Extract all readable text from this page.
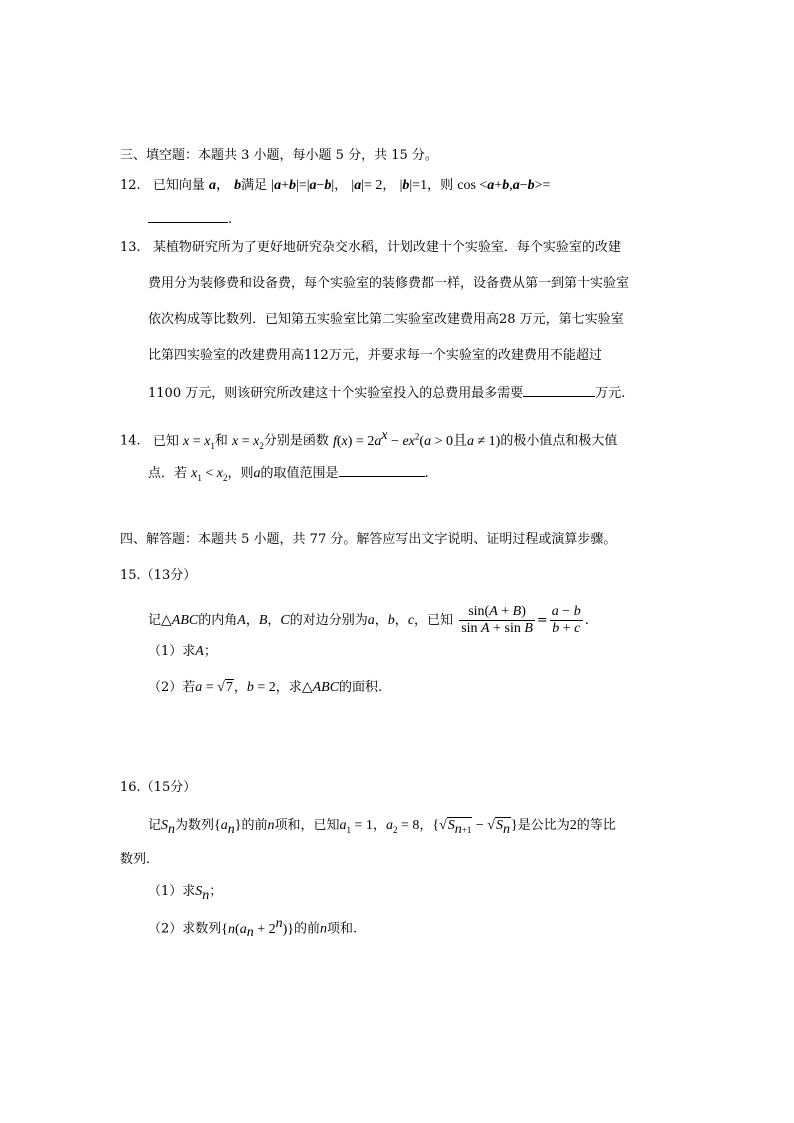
三、填空题：本题共 3 小题，每小题 5 分，共 15 分。
12. 已知向量 a， b满足 |a+b|=|a−b|， |a|= 2， |b|=1，则 cos <a+b,a−b>=
.
13. 某植物研究所为了更好地研究杂交水稻，计划改建十个实验室．每个实验室的改建
费用分为装修费和设备费，每个实验室的装修费都一样，设备费从第一到第十实验室
依次构成等比数列．已知第五实验室比第二实验室改建费用高28 万元，第七实验室
比第四实验室的改建费用高112万元，并要求每一个实验室的改建费用不能超过
1100 万元，则该研究所改建这十个实验室投入的总费用最多需要	万元.
14. 已知 $x = x_1$和 $x = x_2$分别是函数 $f(x) = 2a^x - ex^2(a > 0$且a ≠ 1)的极小值点和极大值
点．若 $x_1 < x_2$，则a的取值范围是	.
四、解答题：本题共 5 小题，共 77 分。解答应写出文字说明、证明过程或演算步骤。
15.（13分）
记△ABC的内角A，B，C的对边分别为a，b，c，已知 $\frac{\sin(A + B)}{\text{sin A + sin B}} = \frac{a - b}{b + c}$ .
（1）求A；
（2）若a = √7，b = 2，求△ABC的面积.
16.（15分）
记$S_n$为数列$\{a_n\}$的前n项和，已知$a_1 = 1$，$a_2 = 8$，$\{√S_{n+1} - √S_n\}$是公比为2的等比
数列.
（1）求$S_n$；
（2）求数列$\{n(a_n + 2^n)\}$的前n项和.
